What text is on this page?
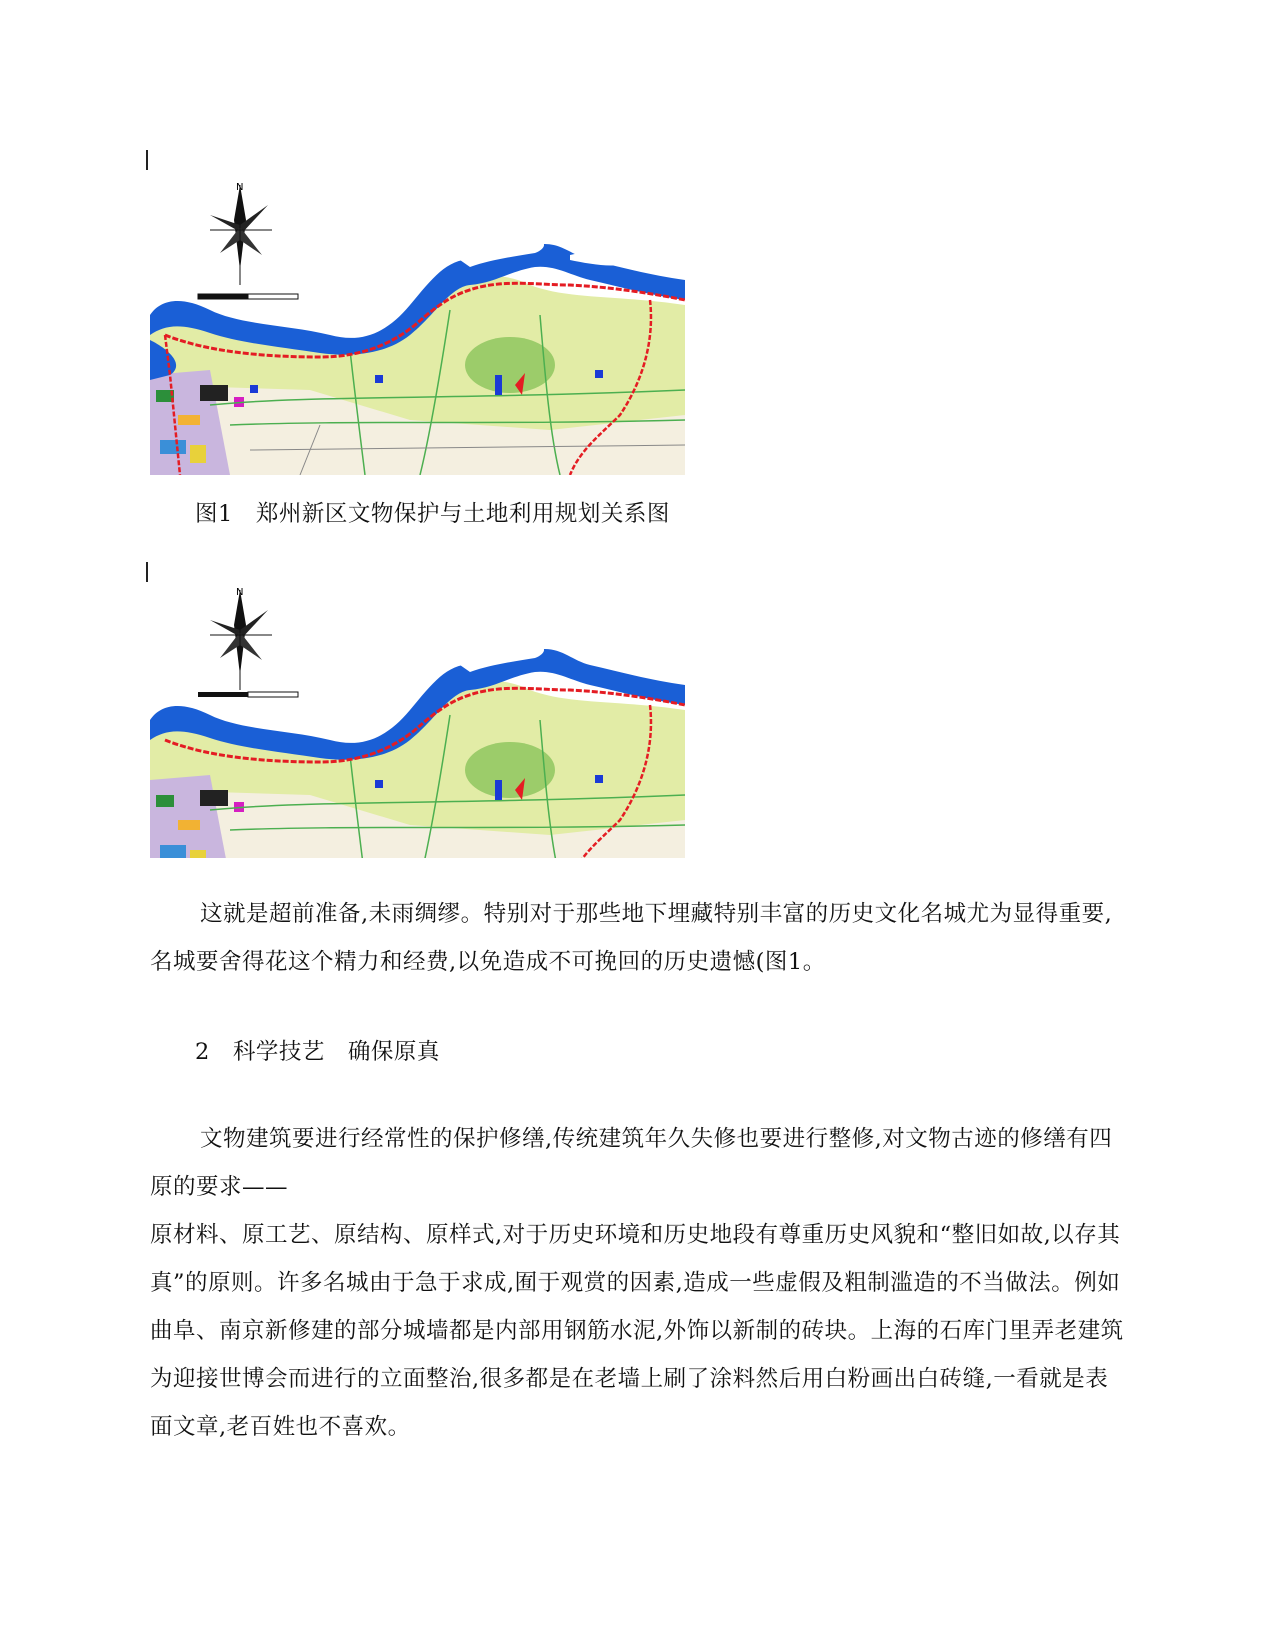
N

图1　郑州新区文物保护与土地利用规划关系图

N

这就是超前准备,未雨绸缪。特别对于那些地下埋藏特别丰富的历史文化名城尤为显得重要,名城要舍得花这个精力和经费,以免造成不可挽回的历史遗憾(图1。

2　科学技艺　确保原真

文物建筑要进行经常性的保护修缮,传统建筑年久失修也要进行整修,对文物古迹的修缮有四原的要求——

原材料、原工艺、原结构、原样式,对于历史环境和历史地段有尊重历史风貌和“整旧如故,以存其真”的原则。许多名城由于急于求成,囿于观赏的因素,造成一些虚假及粗制滥造的不当做法。例如曲阜、南京新修建的部分城墙都是内部用钢筋水泥,外饰以新制的砖块。上海的石库门里弄老建筑为迎接世博会而进行的立面整治,很多都是在老墙上刷了涂料然后用白粉画出白砖缝,一看就是表面文章,老百姓也不喜欢。
